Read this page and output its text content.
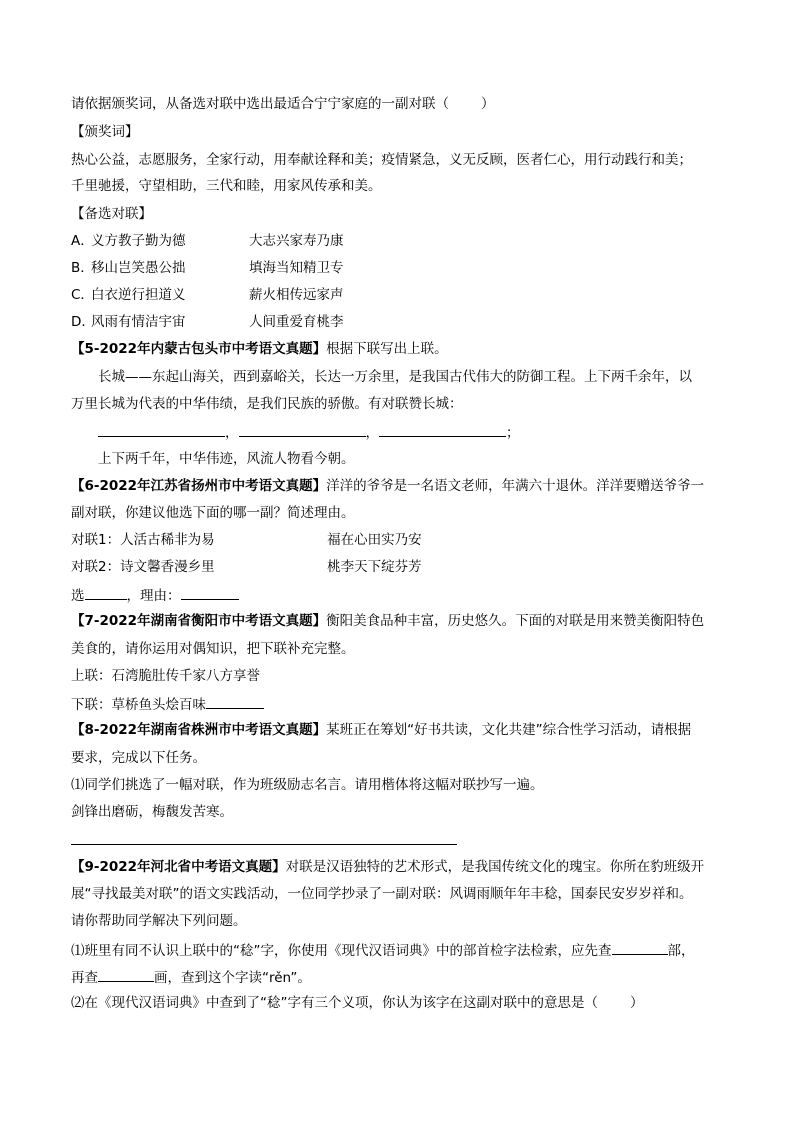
请依据颁奖词，从备选对联中选出最适合宁宁家庭的一副对联（ ）
【颁奖词】
热心公益，志愿服务，全家行动，用奉献诠释和美；疫情紧急，义无反顾，医者仁心，用行动践行和美；
千里驰援，守望相助，三代和睦，用家风传承和美。
【备选对联】
A．义方教子勤为德	大志兴家寿乃康
B．移山岂笑愚公拙	填海当知精卫专
C．白衣逆行担道义	薪火相传远家声
D．风雨有情洁宇宙	人间重爱育桃李
【5-2022年内蒙古包头市中考语文真题】根据下联写出上联。
长城——东起山海关，西到嘉峪关，长达一万余里，是我国古代伟大的防御工程。上下两千余年，以
万里长城为代表的中华伟绩，是我们民族的骄傲。有对联赞长城：
，	，	；
上下两千年，中华伟迹，风流人物看今朝。
【6-2022年江苏省扬州市中考语文真题】洋洋的爷爷是一名语文老师，年满六十退休。洋洋要赠送爷爷一
副对联，你建议他选下面的哪一副？简述理由。
对联1：人活古稀非为易	福在心田实乃安
对联2：诗文馨香漫乡里	桃李天下绽芬芳
选	，理由：
【7-2022年湖南省衡阳市中考语文真题】衡阳美食品种丰富，历史悠久。下面的对联是用来赞美衡阳特色
美食的，请你运用对偶知识，把下联补充完整。
上联：石湾脆肚传千家八方享誉
下联：草桥鱼头烩百味
【8-2022年湖南省株洲市中考语文真题】某班正在筹划“好书共读，文化共建”综合性学习活动，请根据
要求，完成以下任务。
⑴同学们挑选了一幅对联，作为班级励志名言。请用楷体将这幅对联抄写一遍。
剑锋出磨砺，梅馥发苦寒。
【9-2022年河北省中考语文真题】对联是汉语独特的艺术形式，是我国传统文化的瑰宝。你所在豹班级开
展“寻找最美对联”的语文实践活动，一位同学抄录了一副对联：风调雨顺年年丰稔，国泰民安岁岁祥和。
请你帮助同学解决下列问题。
⑴班里有同不认识上联中的“稔”字，你使用《现代汉语词典》中的部首检字法检索，应先查	部，
再查	画，查到这个字读“rěn”。
⑵在《现代汉语词典》中查到了“稔”字有三个义项，你认为该字在这副对联中的意思是（ ）
